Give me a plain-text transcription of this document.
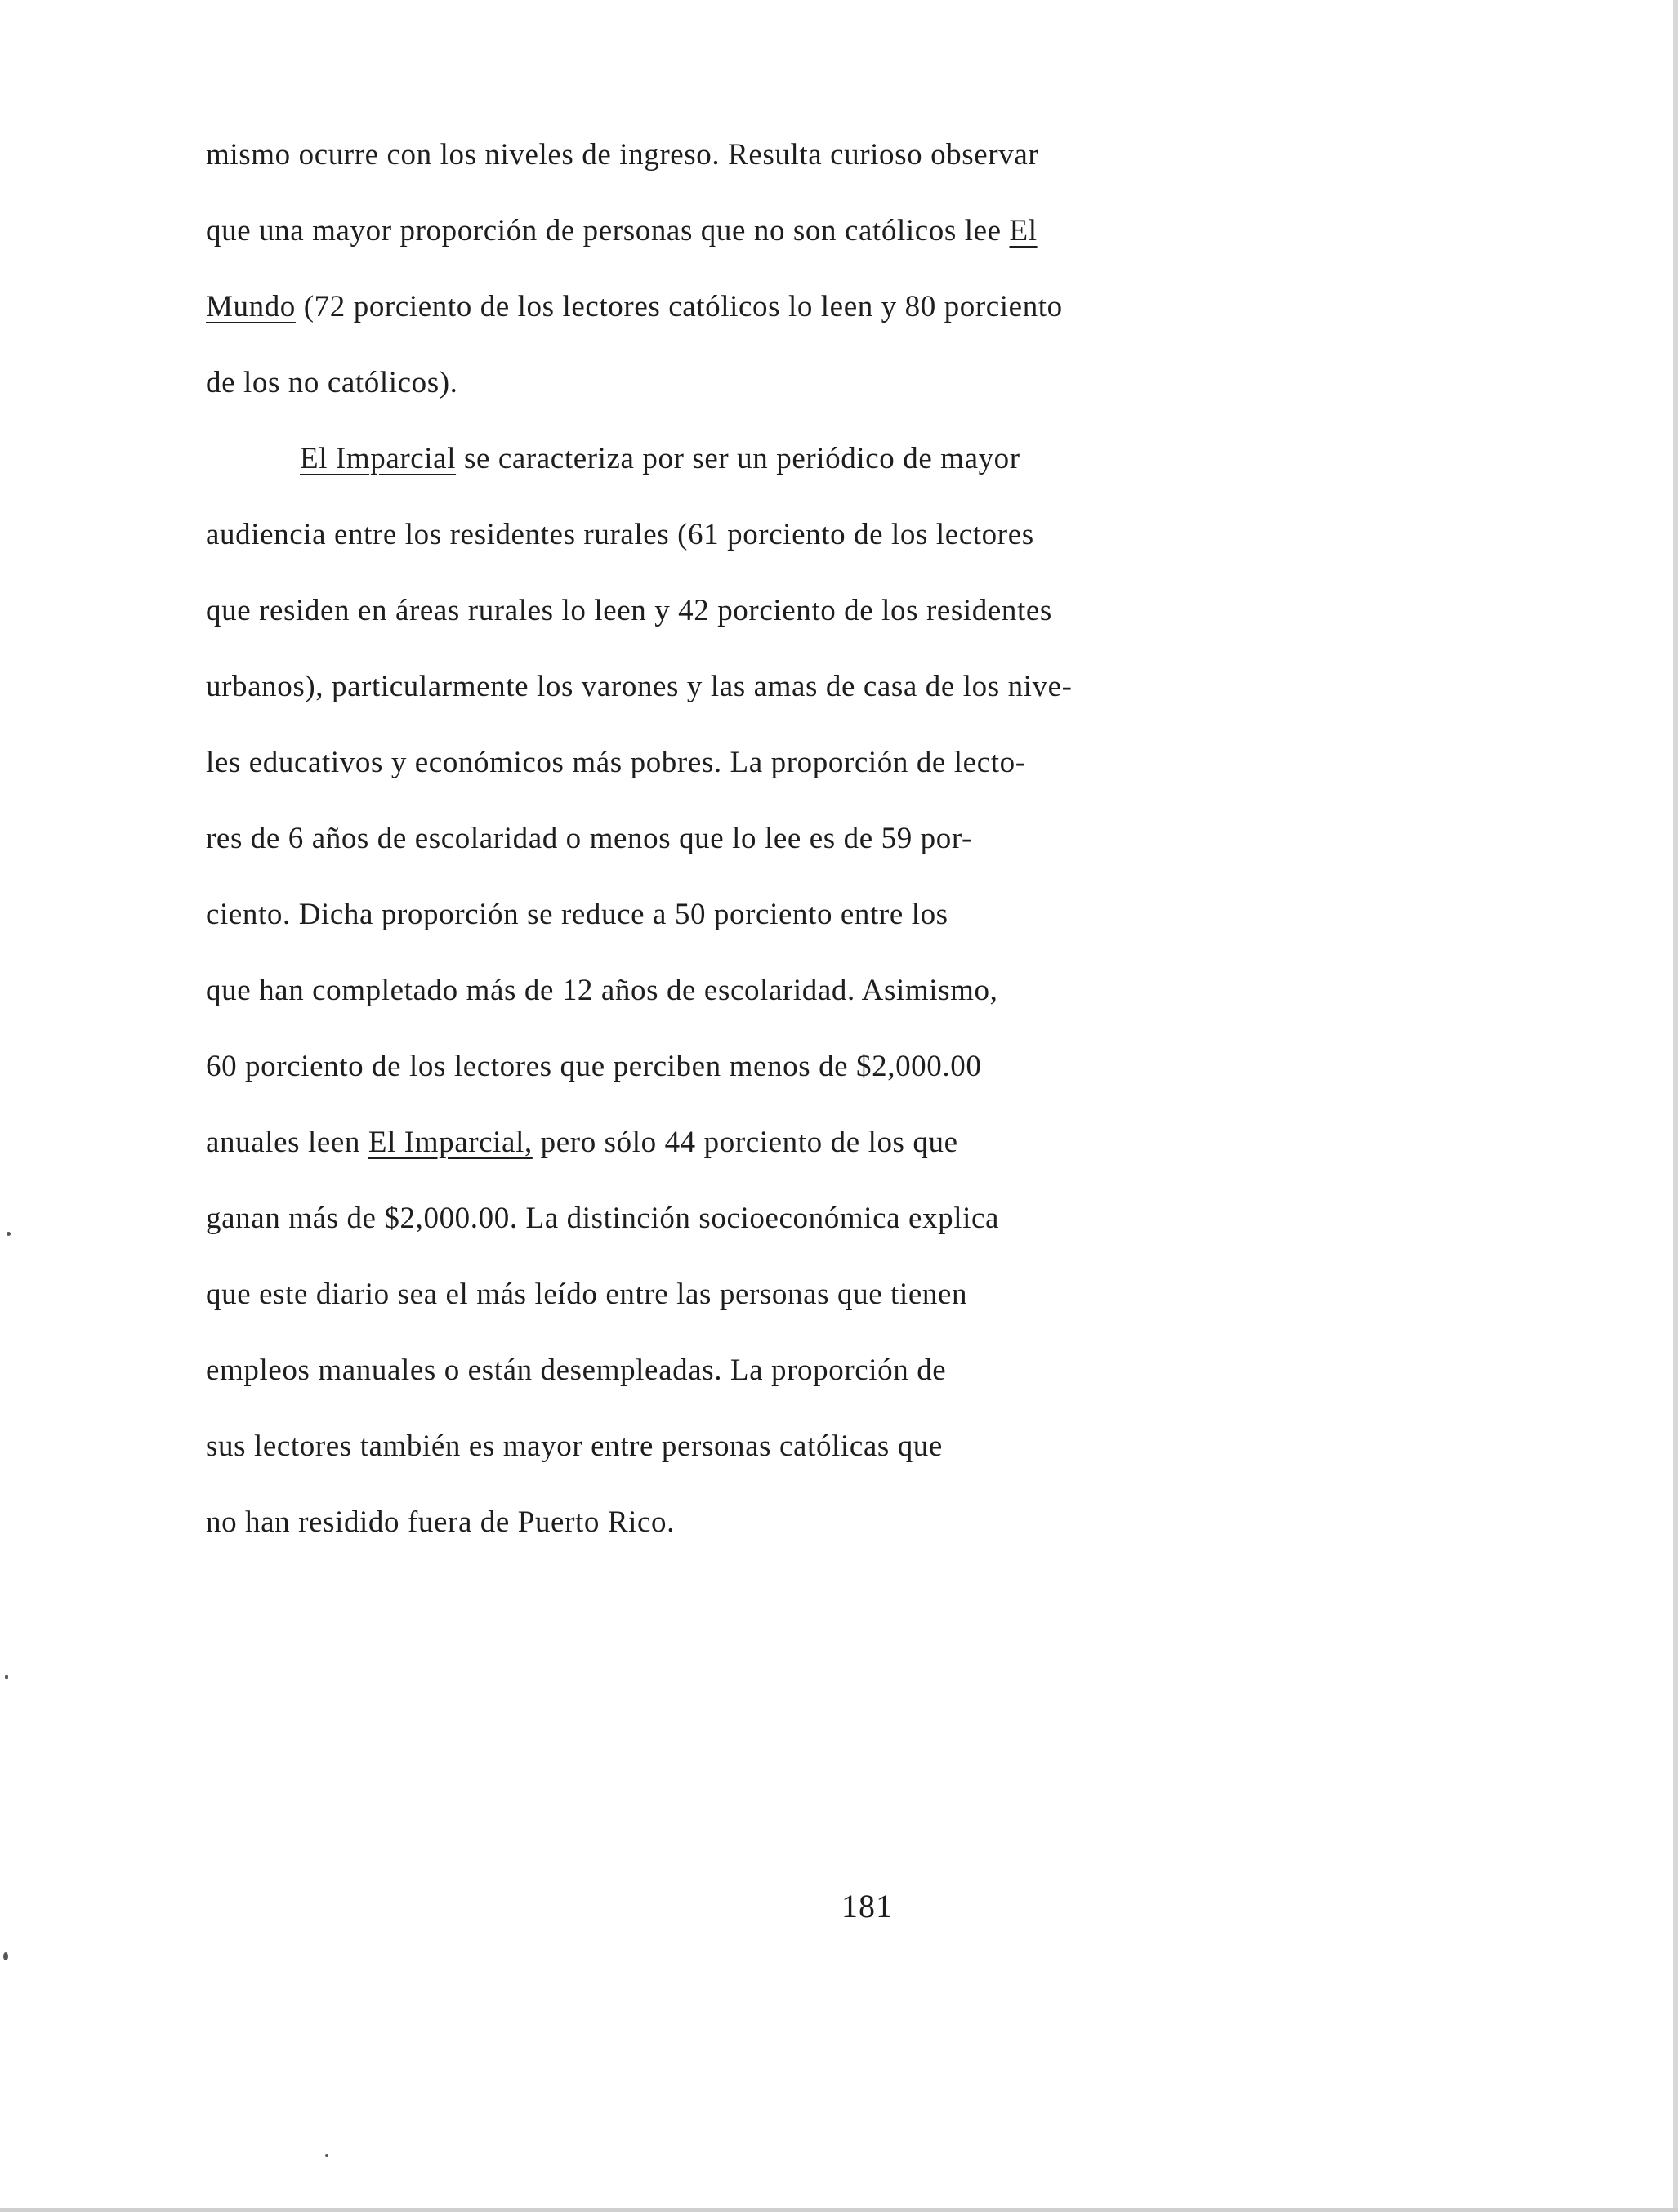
mismo ocurre con los niveles de ingreso. Resulta curioso observar
que una mayor proporción de personas que no son católicos lee El
Mundo (72 porciento de los lectores católicos lo leen y 80 porciento
de los no católicos).
El Imparcial se caracteriza por ser un periódico de mayor
audiencia entre los residentes rurales (61 porciento de los lectores
que residen en áreas rurales lo leen y 42 porciento de los residentes
urbanos), particularmente los varones y las amas de casa de los nive-
les educativos y económicos más pobres. La proporción de lecto-
res de 6 años de escolaridad o menos que lo lee es de 59 por-
ciento. Dicha proporción se reduce a 50 porciento entre los
que han completado más de 12 años de escolaridad. Asimismo,
60 porciento de los lectores que perciben menos de $2,000.00
anuales leen El Imparcial, pero sólo 44 porciento de los que
ganan más de $2,000.00. La distinción socioeconómica explica
que este diario sea el más leído entre las personas que tienen
empleos manuales o están desempleadas. La proporción de
sus lectores también es mayor entre personas católicas que
no han residido fuera de Puerto Rico.
181
